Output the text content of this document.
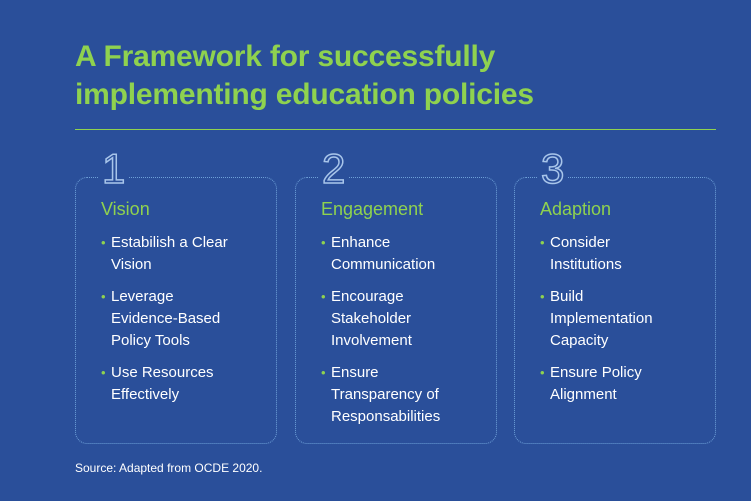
A Framework for successfully
implementing education policies
1
Vision
• Estabilish a Clear
Vision
• Leverage
Evidence-Based
Policy Tools
• Use Resources
Effectively
2
Engagement
• Enhance
Communication
• Encourage
Stakeholder
Involvement
• Ensure
Transparency of
Responsabilities
3
Adaption
• Consider
Institutions
• Build
Implementation
Capacity
• Ensure Policy
Alignment
Source: Adapted from OCDE 2020.
